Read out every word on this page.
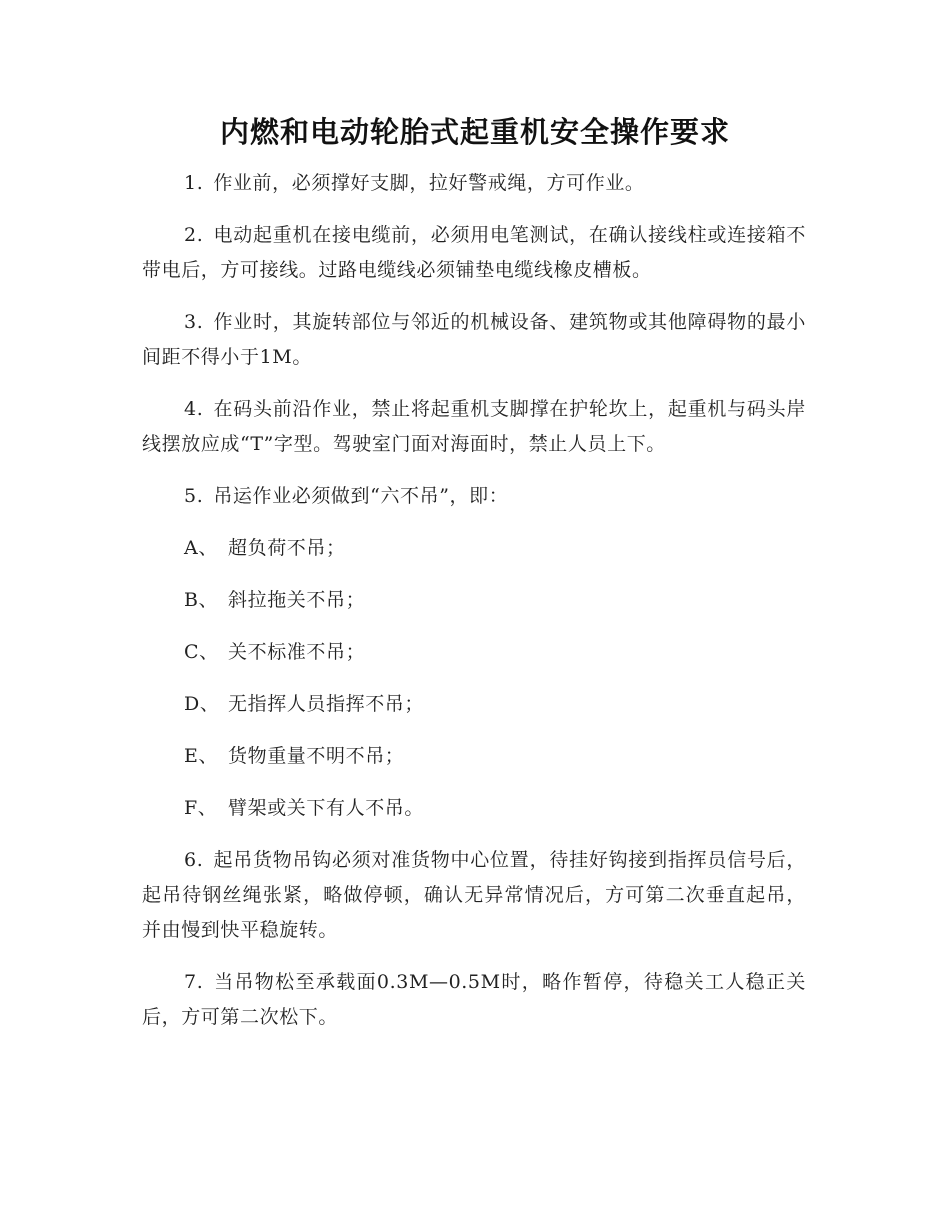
内燃和电动轮胎式起重机安全操作要求

1. 作业前，必须撑好支脚，拉好警戒绳，方可作业。

2. 电动起重机在接电缆前，必须用电笔测试，在确认接线柱或连接箱不带电后，方可接线。过路电缆线必须铺垫电缆线橡皮槽板。

3. 作业时，其旋转部位与邻近的机械设备、建筑物或其他障碍物的最小间距不得小于1M。

4. 在码头前沿作业，禁止将起重机支脚撑在护轮坎上，起重机与码头岸线摆放应成“T”字型。驾驶室门面对海面时，禁止人员上下。

5. 吊运作业必须做到“六不吊”，即：

A、 超负荷不吊；

B、 斜拉拖关不吊；

C、 关不标准不吊；

D、 无指挥人员指挥不吊；

E、 货物重量不明不吊；

F、 臂架或关下有人不吊。

6. 起吊货物吊钩必须对准货物中心位置，待挂好钩接到指挥员信号后，起吊待钢丝绳张紧，略做停顿，确认无异常情况后，方可第二次垂直起吊，并由慢到快平稳旋转。

7. 当吊物松至承载面0.3M—0.5M时，略作暂停，待稳关工人稳正关后，方可第二次松下。
